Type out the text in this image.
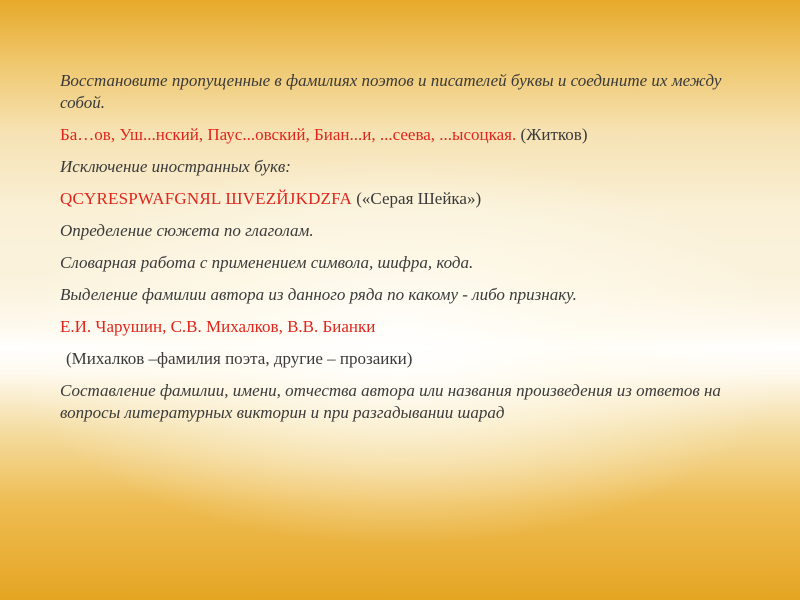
Восстановите пропущенные в фамилиях поэтов и писателей буквы и соедините их между собой.

Ба…ов, Уш...нский, Паус...овский, Биан...и, ...сеева, ...ысоцкая. (Житков)

Исключение иностранных букв:

QCYRESPWAFGNЯL ШVEZЙJKDZFA («Серая Шейка»)

Определение сюжета по глаголам.

Словарная работа с применением символа, шифра, кода.

Выделение фамилии автора из данного ряда по какому - либо признаку.

Е.И. Чарушин, С.В. Михалков, В.В. Бианки

(Михалков –фамилия поэта, другие – прозаики)

Составление фамилии, имени, отчества автора или названия произведения из ответов на вопросы литературных викторин и при разгадывании шарад
